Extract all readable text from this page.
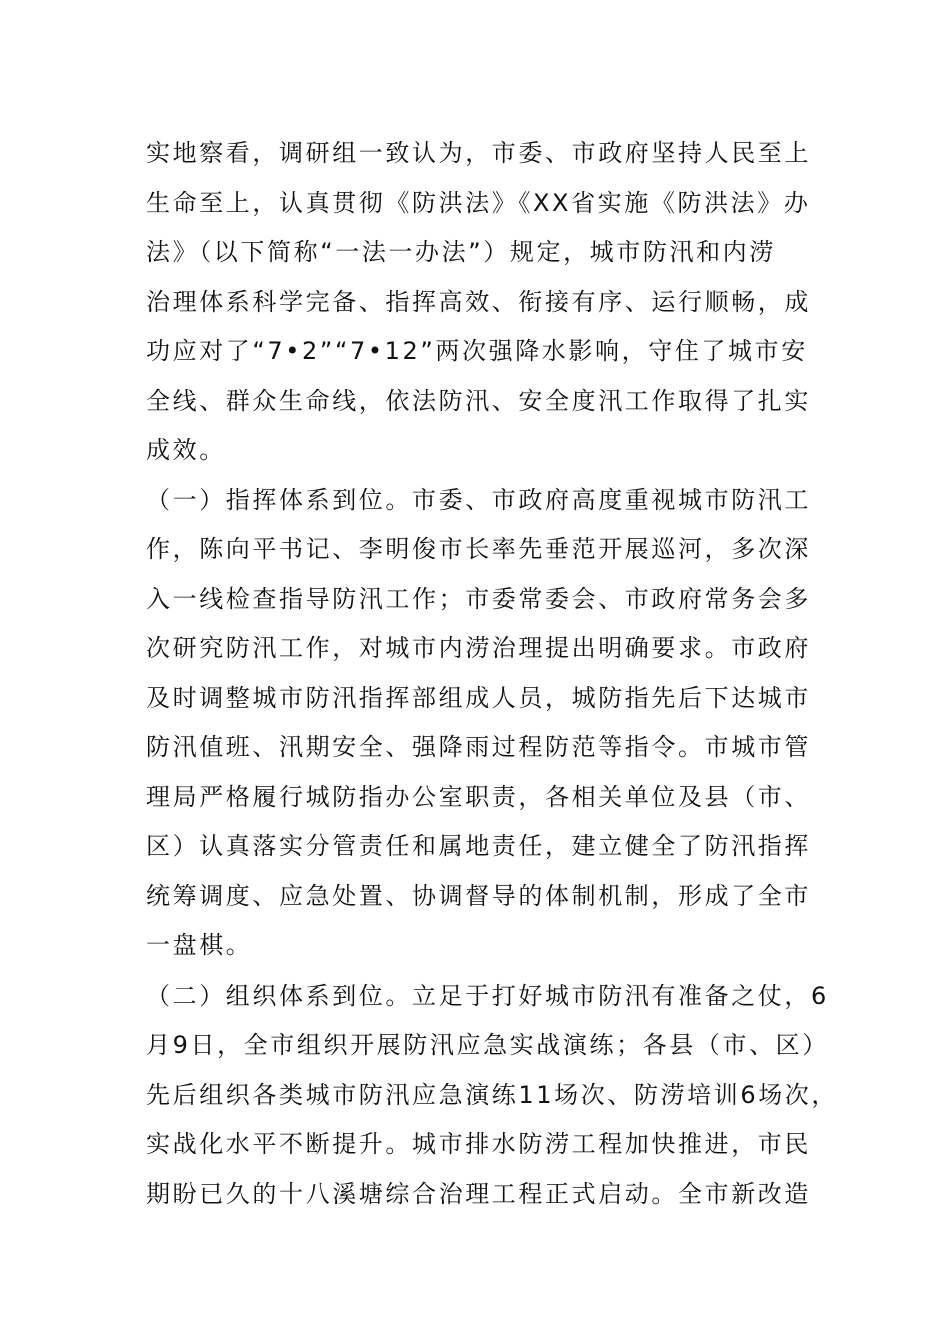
实地察看，调研组一致认为，市委、市政府坚持人民至上
生命至上，认真贯彻《防洪法》《XX省实施《防洪法》办
法》（以下简称“一法一办法”）规定，城市防汛和内涝
治理体系科学完备、指挥高效、衔接有序、运行顺畅，成
功应对了“7•2”“7•12”两次强降水影响，守住了城市安
全线、群众生命线，依法防汛、安全度汛工作取得了扎实
成效。
（一）指挥体系到位。市委、市政府高度重视城市防汛工
作，陈向平书记、李明俊市长率先垂范开展巡河，多次深
入一线检查指导防汛工作；市委常委会、市政府常务会多
次研究防汛工作，对城市内涝治理提出明确要求。市政府
及时调整城市防汛指挥部组成人员，城防指先后下达城市
防汛值班、汛期安全、强降雨过程防范等指令。市城市管
理局严格履行城防指办公室职责，各相关单位及县（市、
区）认真落实分管责任和属地责任，建立健全了防汛指挥
统筹调度、应急处置、协调督导的体制机制，形成了全市
一盘棋。
（二）组织体系到位。立足于打好城市防汛有准备之仗，6
月9日，全市组织开展防汛应急实战演练；各县（市、区）
先后组织各类城市防汛应急演练11场次、防涝培训6场次，
实战化水平不断提升。城市排水防涝工程加快推进，市民
期盼已久的十八溪塘综合治理工程正式启动。全市新改造
